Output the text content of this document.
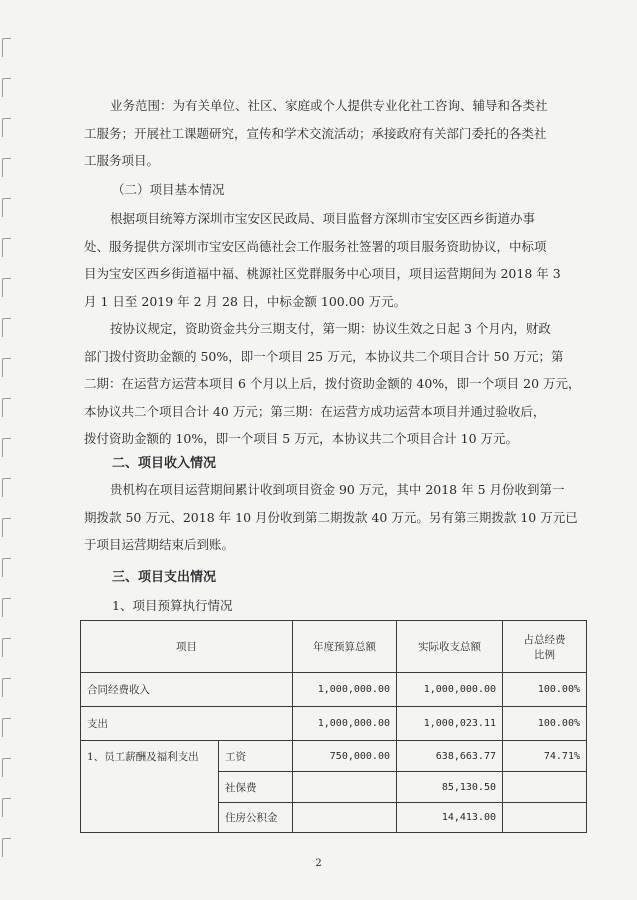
业务范围：为有关单位、社区、家庭或个人提供专业化社工咨询、辅导和各类社
工服务；开展社工课题研究，宣传和学术交流活动；承接政府有关部门委托的各类社
工服务项目。

（二）项目基本情况

根据项目统筹方深圳市宝安区民政局、项目监督方深圳市宝安区西乡街道办事
处、服务提供方深圳市宝安区尚德社会工作服务社签署的项目服务资助协议，中标项
目为宝安区西乡街道福中福、桃源社区党群服务中心项目，项目运营期间为 2018 年 3
月 1 日至 2019 年 2 月 28 日，中标金额 100.00 万元。

按协议规定，资助资金共分三期支付，第一期：协议生效之日起 3 个月内，财政
部门拨付资助金额的 50%，即一个项目 25 万元，本协议共二个项目合计 50 万元；第
二期：在运营方运营本项目 6 个月以上后，拨付资助金额的 40%，即一个项目 20 万元，
本协议共二个项目合计 40 万元；第三期：在运营方成功运营本项目并通过验收后，
拨付资助金额的 10%，即一个项目 5 万元，本协议共二个项目合计 10 万元。

二、项目收入情况

贵机构在项目运营期间累计收到项目资金 90 万元，其中 2018 年 5 月份收到第一
期拨款 50 万元、2018 年 10 月份收到第二期拨款 40 万元。另有第三期拨款 10 万元已
于项目运营期结束后到账。

三、项目支出情况

1、项目预算执行情况

项目		年度预算总额	实际收支总额	占总经费
比例
合同经费收入		1,000,000.00	1,000,000.00	100.00%
支出		1,000,000.00	1,000,023.11	100.00%
1、员工薪酬及福利支出	工资	750,000.00	638,663.77	74.71%
	社保费		85,130.50	
	住房公积金		14,413.00	
2
